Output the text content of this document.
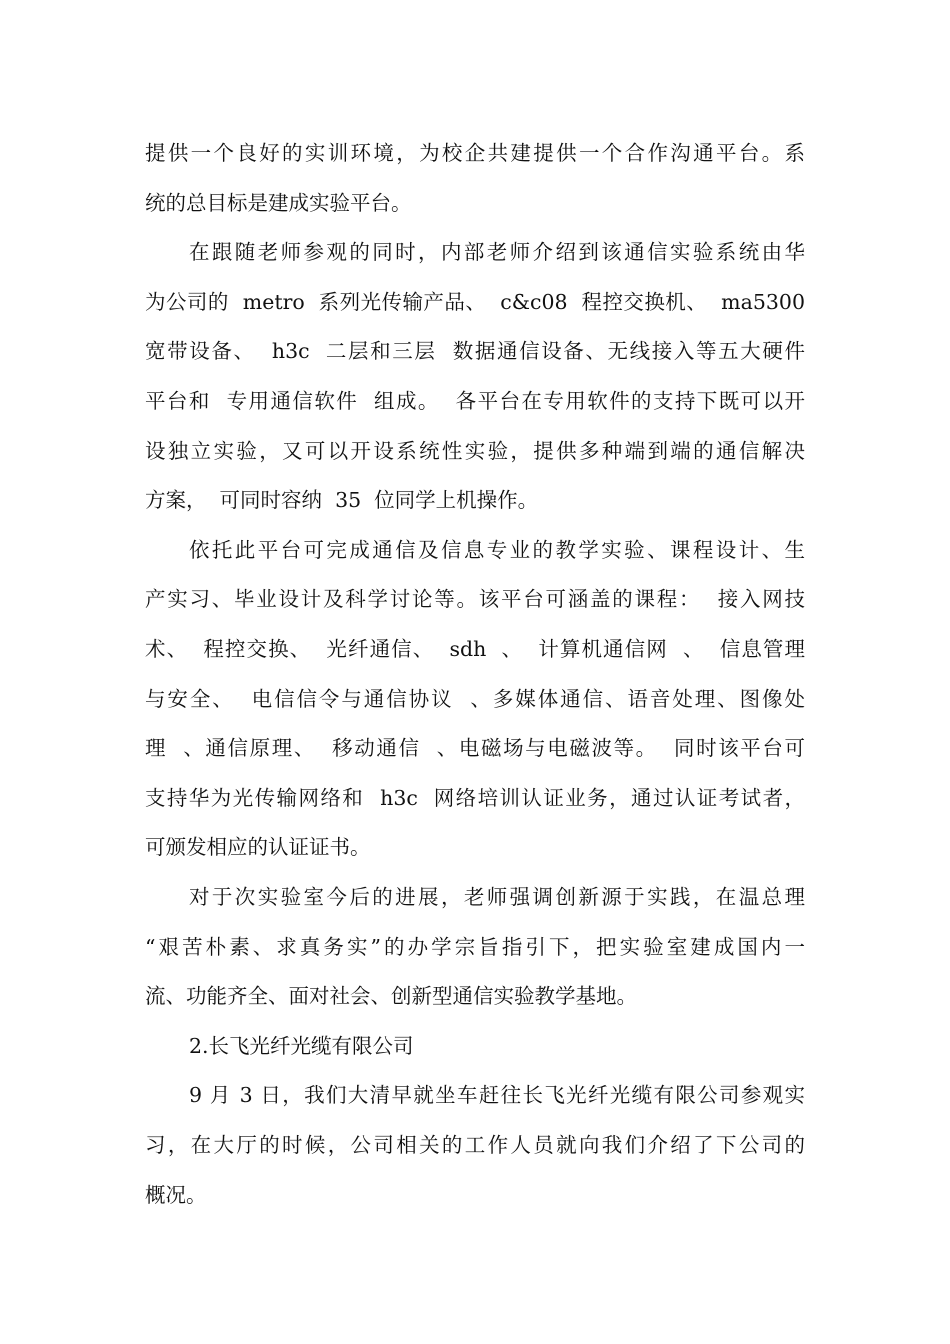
提供一个良好的实训环境，为校企共建提供一个合作沟通平台。系
统的总目标是建成实验平台。
在跟随老师参观的同时，内部老师介绍到该通信实验系统由华
为公司的  metro  系列光传输产品、  c&c08  程控交换机、  ma5300
宽带设备、  h3c  二层和三层  数据通信设备、无线接入等五大硬件
平台和  专用通信软件  组成。  各平台在专用软件的支持下既可以开
设独立实验，又可以开设系统性实验，提供多种端到端的通信解决
方案，  可同时容纳  35  位同学上机操作。
依托此平台可完成通信及信息专业的教学实验、课程设计、生
产实习、毕业设计及科学讨论等。该平台可涵盖的课程：  接入网技
术、  程控交换、  光纤通信、  sdh  、  计算机通信网  、  信息管理
与安全、  电信信令与通信协议  、多媒体通信、语音处理、图像处
理  、通信原理、  移动通信  、电磁场与电磁波等。  同时该平台可
支持华为光传输网络和  h3c  网络培训认证业务，通过认证考试者，
可颁发相应的认证证书。
对于次实验室今后的进展，老师强调创新源于实践，在温总理
“艰苦朴素、求真务实”的办学宗旨指引下，把实验室建成国内一
流、功能齐全、面对社会、创新型通信实验教学基地。
2.长飞光纤光缆有限公司
9 月 3 日，我们大清早就坐车赶往长飞光纤光缆有限公司参观实
习，在大厅的时候，公司相关的工作人员就向我们介绍了下公司的
概况。
